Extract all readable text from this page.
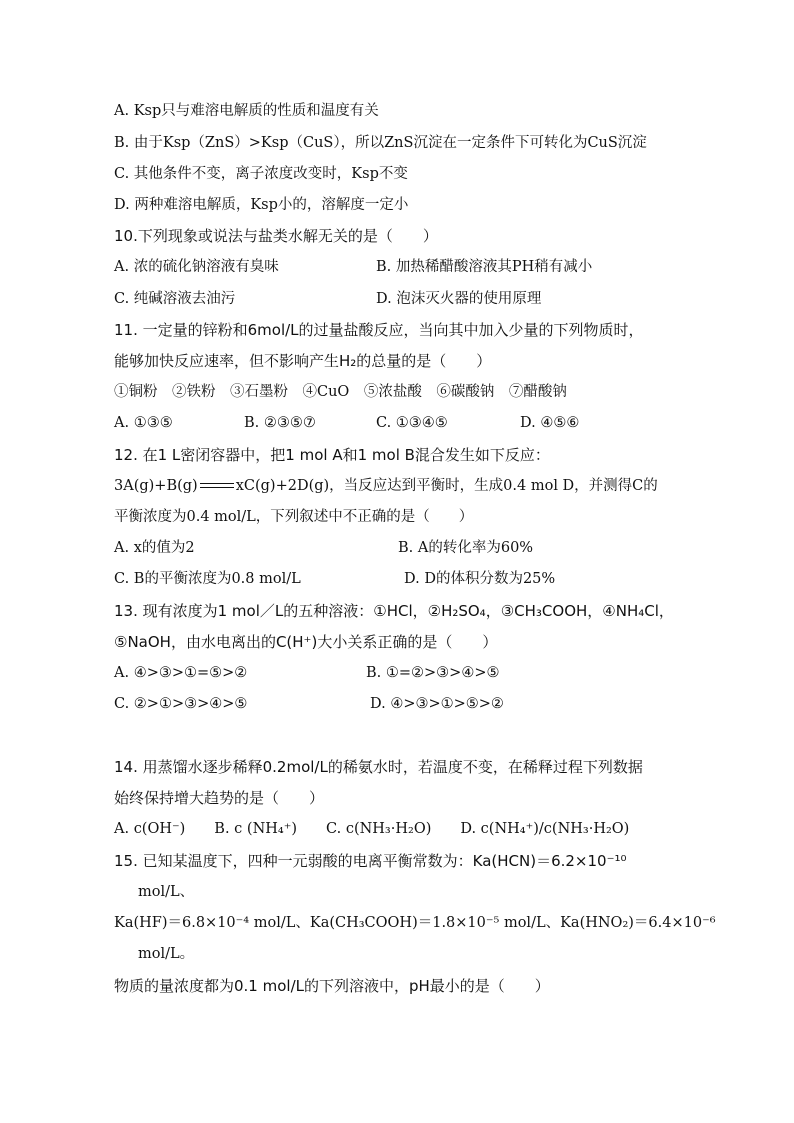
A. Ksp只与难溶电解质的性质和温度有关
B. 由于Ksp（ZnS）>Ksp（CuS），所以ZnS沉淀在一定条件下可转化为CuS沉淀
C. 其他条件不变，离子浓度改变时，Ksp不变
D. 两种难溶电解质，Ksp小的，溶解度一定小
10.下列现象或说法与盐类水解无关的是（　　）
A. 浓的硫化钠溶液有臭味	B. 加热稀醋酸溶液其PH稍有减小
C. 纯碱溶液去油污	D. 泡沫灭火器的使用原理
11. 一定量的锌粉和6mol/L的过量盐酸反应，当向其中加入少量的下列物质时，
能够加快反应速率，但不影响产生H₂的总量的是（　　）
①铜粉　②铁粉　③石墨粉　④CuO　⑤浓盐酸　⑥碳酸钠　⑦醋酸钠
A. ①③⑤	B. ②③⑤⑦	C. ①③④⑤	D. ④⑤⑥
12. 在1 L密闭容器中，把1 mol A和1 mol B混合发生如下反应：
3A(g)+B(g)	xC(g)+2D(g)，当反应达到平衡时，生成0.4 mol D，并测得C的
平衡浓度为0.4 mol/L，下列叙述中不正确的是（　　）
A. x的值为2	B. A的转化率为60%
C. B的平衡浓度为0.8 mol/L	D. D的体积分数为25%
13. 现有浓度为1 mol／L的五种溶液：①HCl，②H₂SO₄，③CH₃COOH，④NH₄Cl，
⑤NaOH，由水电离出的C(H⁺)大小关系正确的是（　　）
A. ④>③>①=⑤>②	B. ①=②>③>④>⑤
C. ②>①>③>④>⑤	D. ④>③>①>⑤>②
14. 用蒸馏水逐步稀释0.2mol/L的稀氨水时，若温度不变，在稀释过程下列数据
始终保持增大趋势的是（　　）
A. c(OH⁻)　　B. c (NH₄⁺)　　C. c(NH₃·H₂O)　　D. c(NH₄⁺)/c(NH₃·H₂O)
15. 已知某温度下，四种一元弱酸的电离平衡常数为：Ka(HCN)＝6.2×10⁻¹⁰
mol/L、
Ka(HF)＝6.8×10⁻⁴ mol/L、Ka(CH₃COOH)＝1.8×10⁻⁵ mol/L、Ka(HNO₂)＝6.4×10⁻⁶
mol/L。
物质的量浓度都为0.1 mol/L的下列溶液中，pH最小的是（　　）
